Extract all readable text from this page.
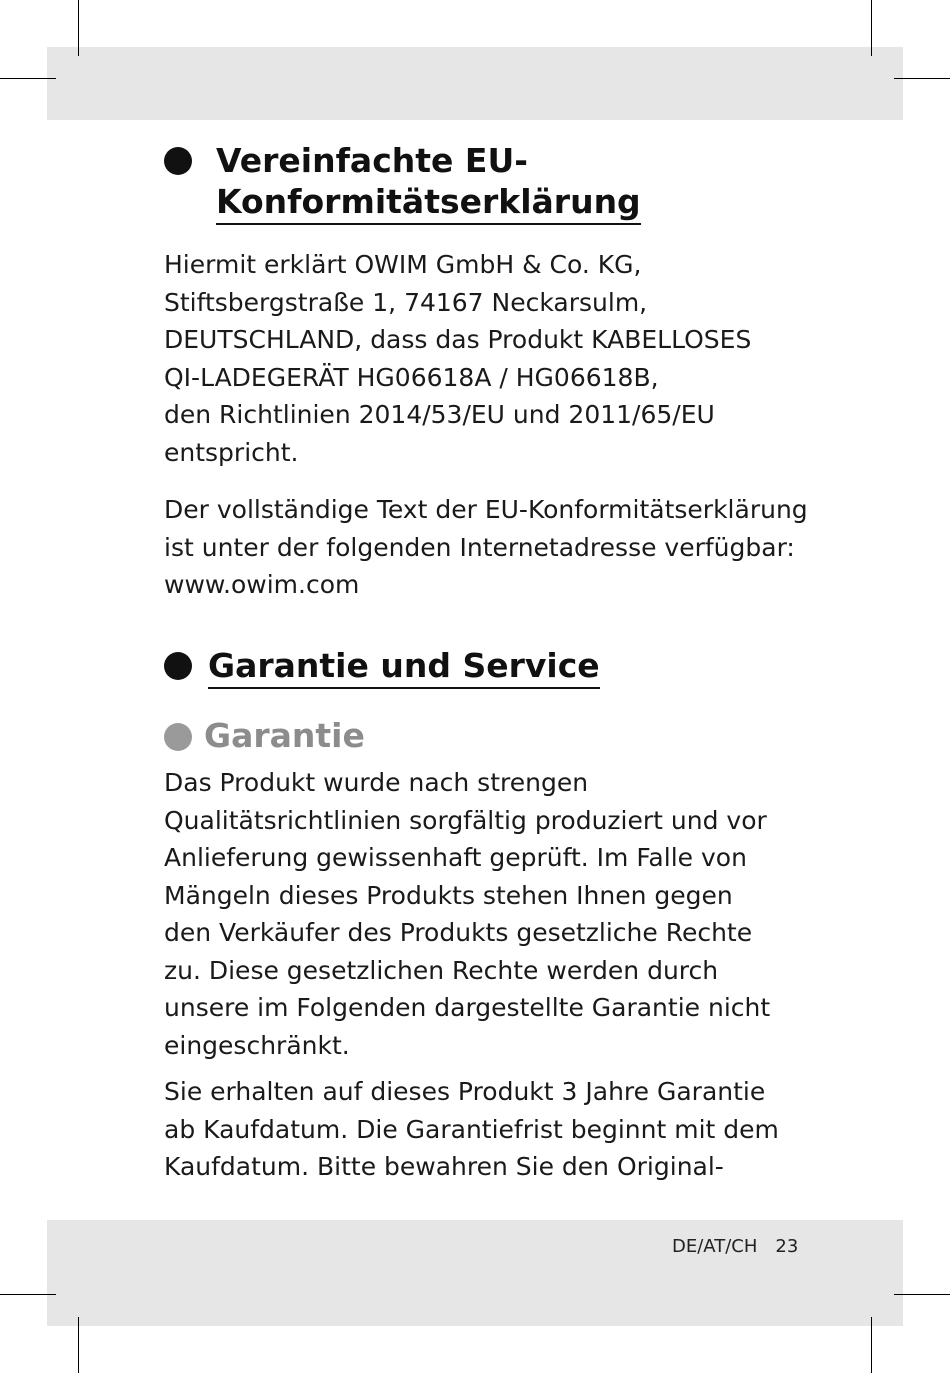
Vereinfachte EU-
Konformitätserklärung
Hiermit erklärt OWIM GmbH & Co. KG,
Stiftsbergstraße 1, 74167 Neckarsulm,
DEUTSCHLAND, dass das Produkt KABELLOSES
QI-LADEGERÄT HG06618A / HG06618B,
den Richtlinien 2014/53/EU und 2011/65/EU
entspricht.
Der vollständige Text der EU-Konformitätserklärung
ist unter der folgenden Internetadresse verfügbar:
www.owim.com
Garantie und Service
Garantie
Das Produkt wurde nach strengen
Qualitätsrichtlinien sorgfältig produziert und vor
Anlieferung gewissenhaft geprüft. Im Falle von
Mängeln dieses Produkts stehen Ihnen gegen
den Verkäufer des Produkts gesetzliche Rechte
zu. Diese gesetzlichen Rechte werden durch
unsere im Folgenden dargestellte Garantie nicht
eingeschränkt.
Sie erhalten auf dieses Produkt 3 Jahre Garantie
ab Kaufdatum. Die Garantiefrist beginnt mit dem
Kaufdatum. Bitte bewahren Sie den Original-
DE/AT/CH 23
